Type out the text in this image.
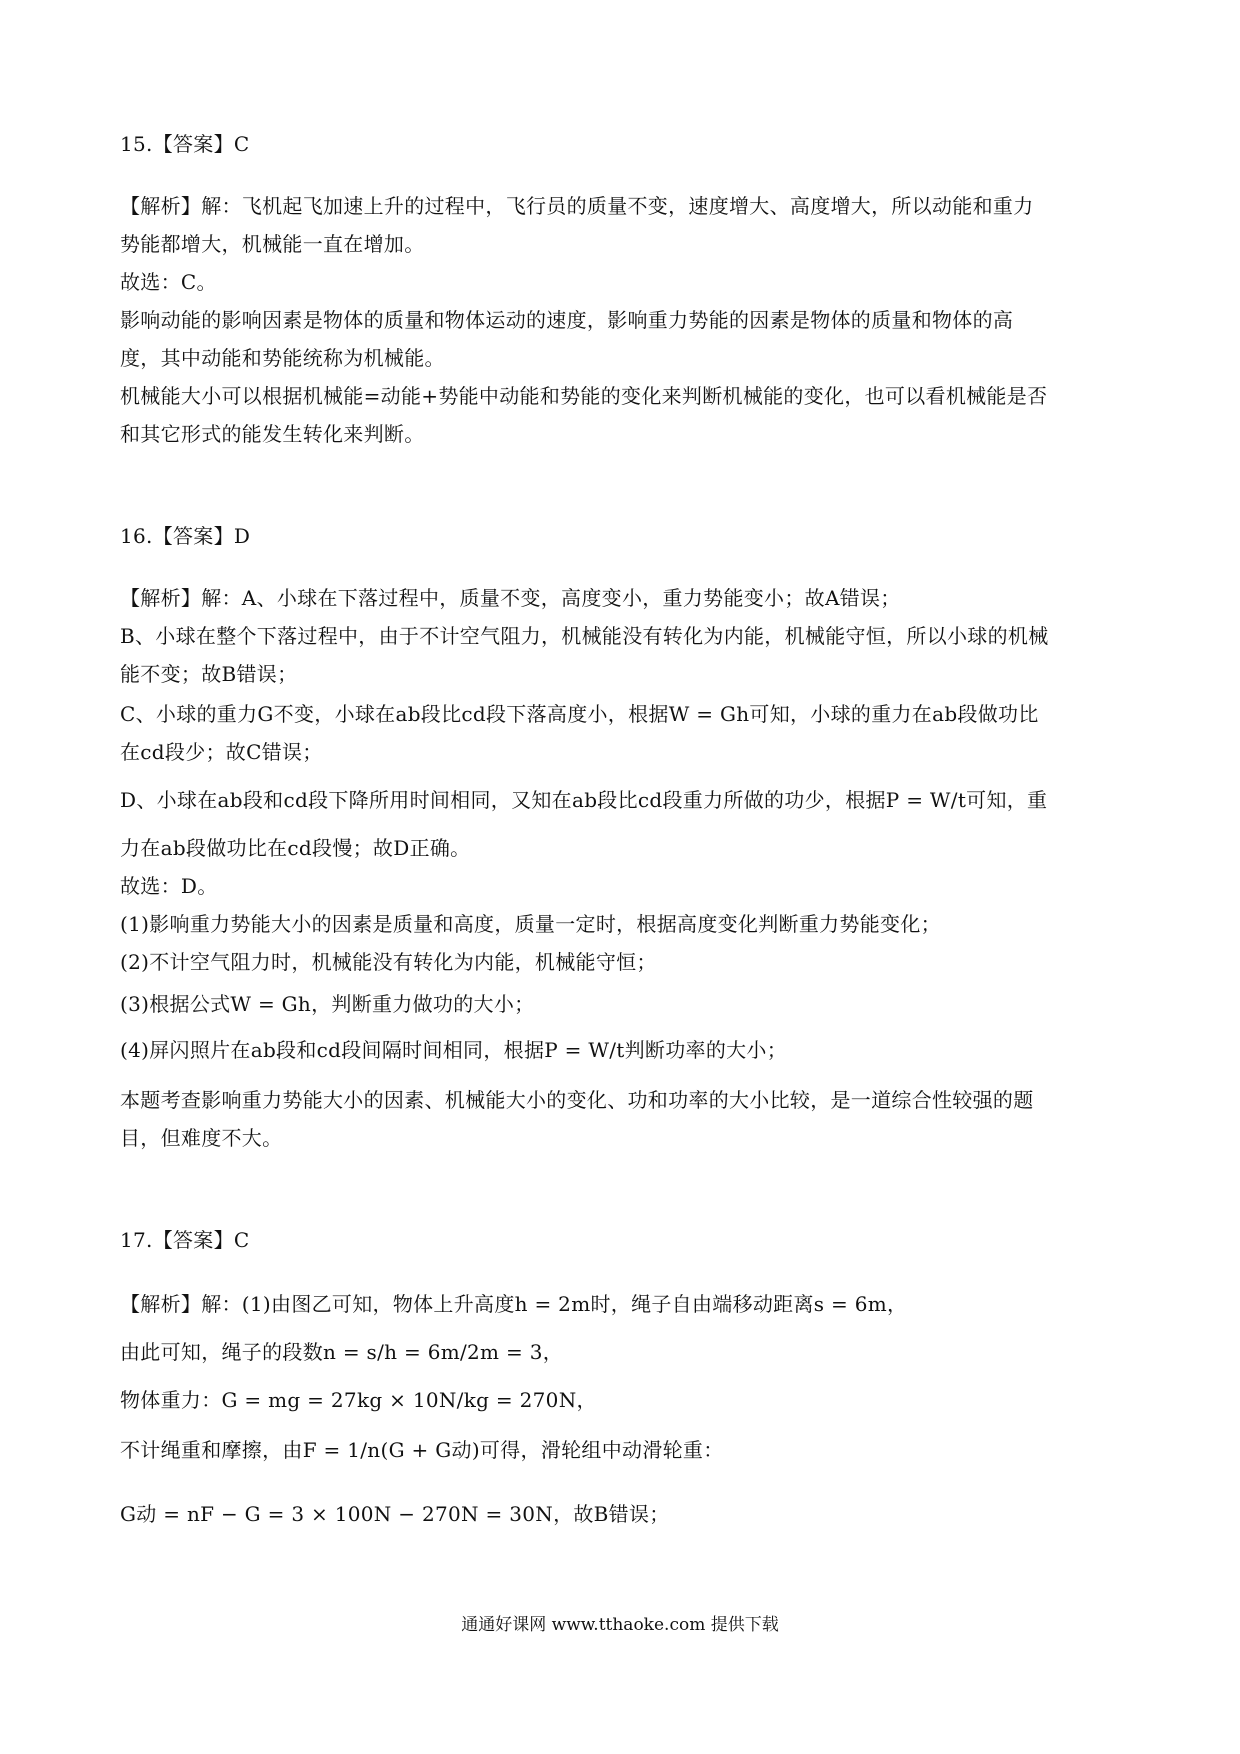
15.【答案】C
【解析】解：飞机起飞加速上升的过程中，飞行员的质量不变，速度增大、高度增大，所以动能和重力
势能都增大，机械能一直在增加。
故选：C。
影响动能的影响因素是物体的质量和物体运动的速度，影响重力势能的因素是物体的质量和物体的高
度，其中动能和势能统称为机械能。
机械能大小可以根据机械能=动能+势能中动能和势能的变化来判断机械能的变化，也可以看机械能是否
和其它形式的能发生转化来判断。
16.【答案】D
【解析】解：A、小球在下落过程中，质量不变，高度变小，重力势能变小；故A错误；
B、小球在整个下落过程中，由于不计空气阻力，机械能没有转化为内能，机械能守恒，所以小球的机械
能不变；故B错误；
C、小球的重力G不变，小球在ab段比cd段下落高度小，根据W = Gh可知，小球的重力在ab段做功比
在cd段少；故C错误；
D、小球在ab段和cd段下降所用时间相同，又知在ab段比cd段重力所做的功少，根据P = W/t可知，重
力在ab段做功比在cd段慢；故D正确。
故选：D。
(1)影响重力势能大小的因素是质量和高度，质量一定时，根据高度变化判断重力势能变化；
(2)不计空气阻力时，机械能没有转化为内能，机械能守恒；
(3)根据公式W = Gh，判断重力做功的大小；
(4)屏闪照片在ab段和cd段间隔时间相同，根据P = W/t判断功率的大小；
本题考查影响重力势能大小的因素、机械能大小的变化、功和功率的大小比较，是一道综合性较强的题
目，但难度不大。
17.【答案】C
【解析】解：(1)由图乙可知，物体上升高度h = 2m时，绳子自由端移动距离s = 6m，
由此可知，绳子的段数n = s/h = 6m/2m = 3，
物体重力：G = mg = 27kg × 10N/kg = 270N，
不计绳重和摩擦，由F = 1/n(G + G动)可得，滑轮组中动滑轮重：
G动 = nF − G = 3 × 100N − 270N = 30N，故B错误；
通通好课网 www.tthaoke.com 提供下载
